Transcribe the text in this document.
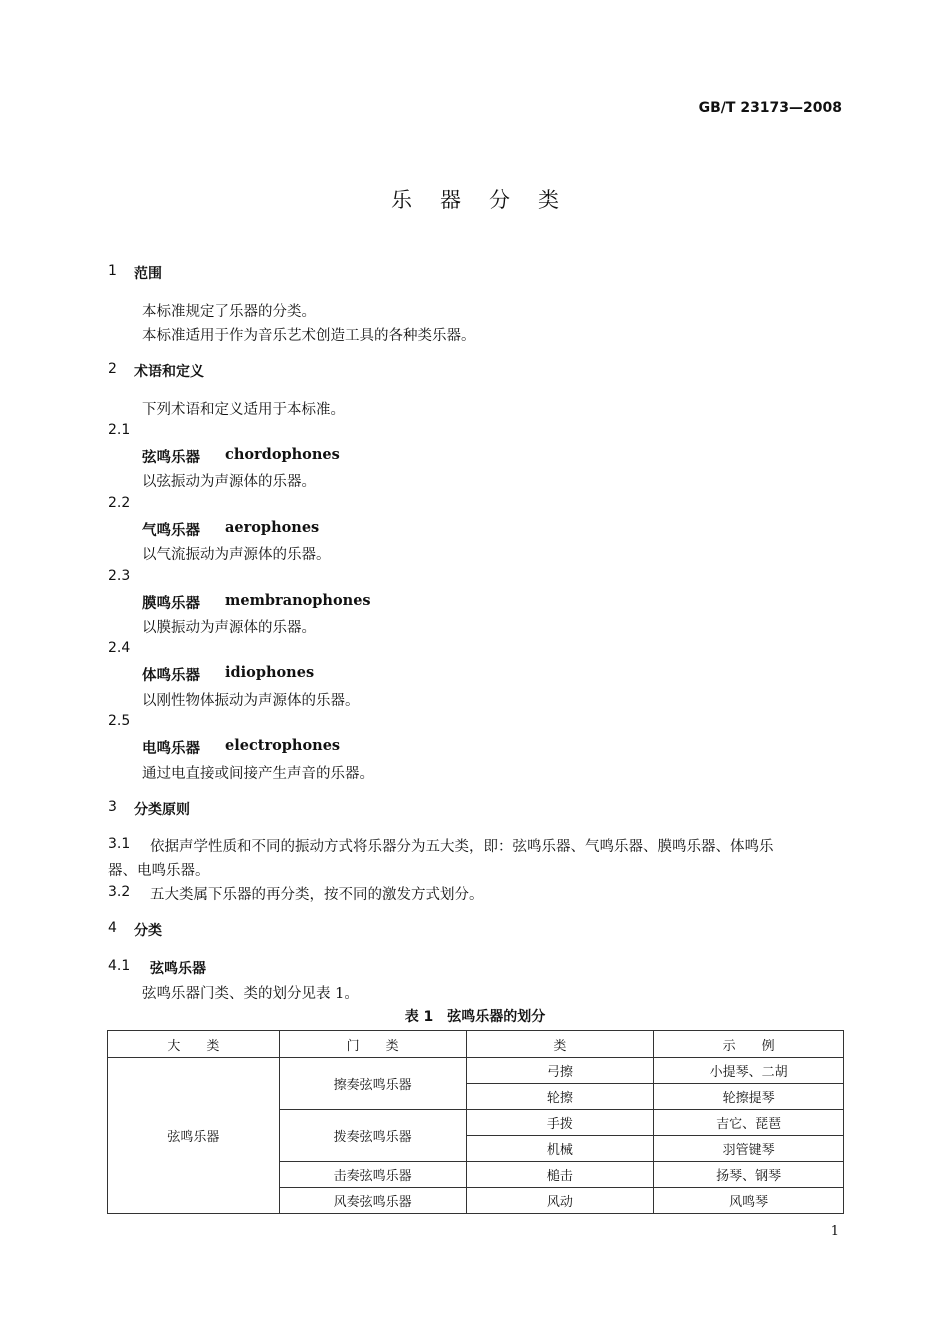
GB/T 23173—2008
乐器分类
1 范围
本标准规定了乐器的分类。
本标准适用于作为音乐艺术创造工具的各种类乐器。
2 术语和定义
下列术语和定义适用于本标准。
2.1
弦鸣乐器 chordophones
以弦振动为声源体的乐器。
2.2
气鸣乐器 aerophones
以气流振动为声源体的乐器。
2.3
膜鸣乐器 membranophones
以膜振动为声源体的乐器。
2.4
体鸣乐器 idiophones
以刚性物体振动为声源体的乐器。
2.5
电鸣乐器 electrophones
通过电直接或间接产生声音的乐器。
3 分类原则
3.1 依据声学性质和不同的振动方式将乐器分为五大类，即：弦鸣乐器、气鸣乐器、膜鸣乐器、体鸣乐
器、电鸣乐器。
3.2 五大类属下乐器的再分类，按不同的激发方式划分。
4 分类
4.1 弦鸣乐器
弦鸣乐器门类、类的划分见表 1。
表 1　弦鸣乐器的划分
大　　类	门　　类	类	示　　例
弦鸣乐器	擦奏弦鸣乐器	弓擦	小提琴、二胡
		轮擦	轮擦提琴
	拨奏弦鸣乐器	手拨	吉它、琵琶
		机械	羽管键琴
	击奏弦鸣乐器	槌击	扬琴、钢琴
	风奏弦鸣乐器	风动	风鸣琴
1
